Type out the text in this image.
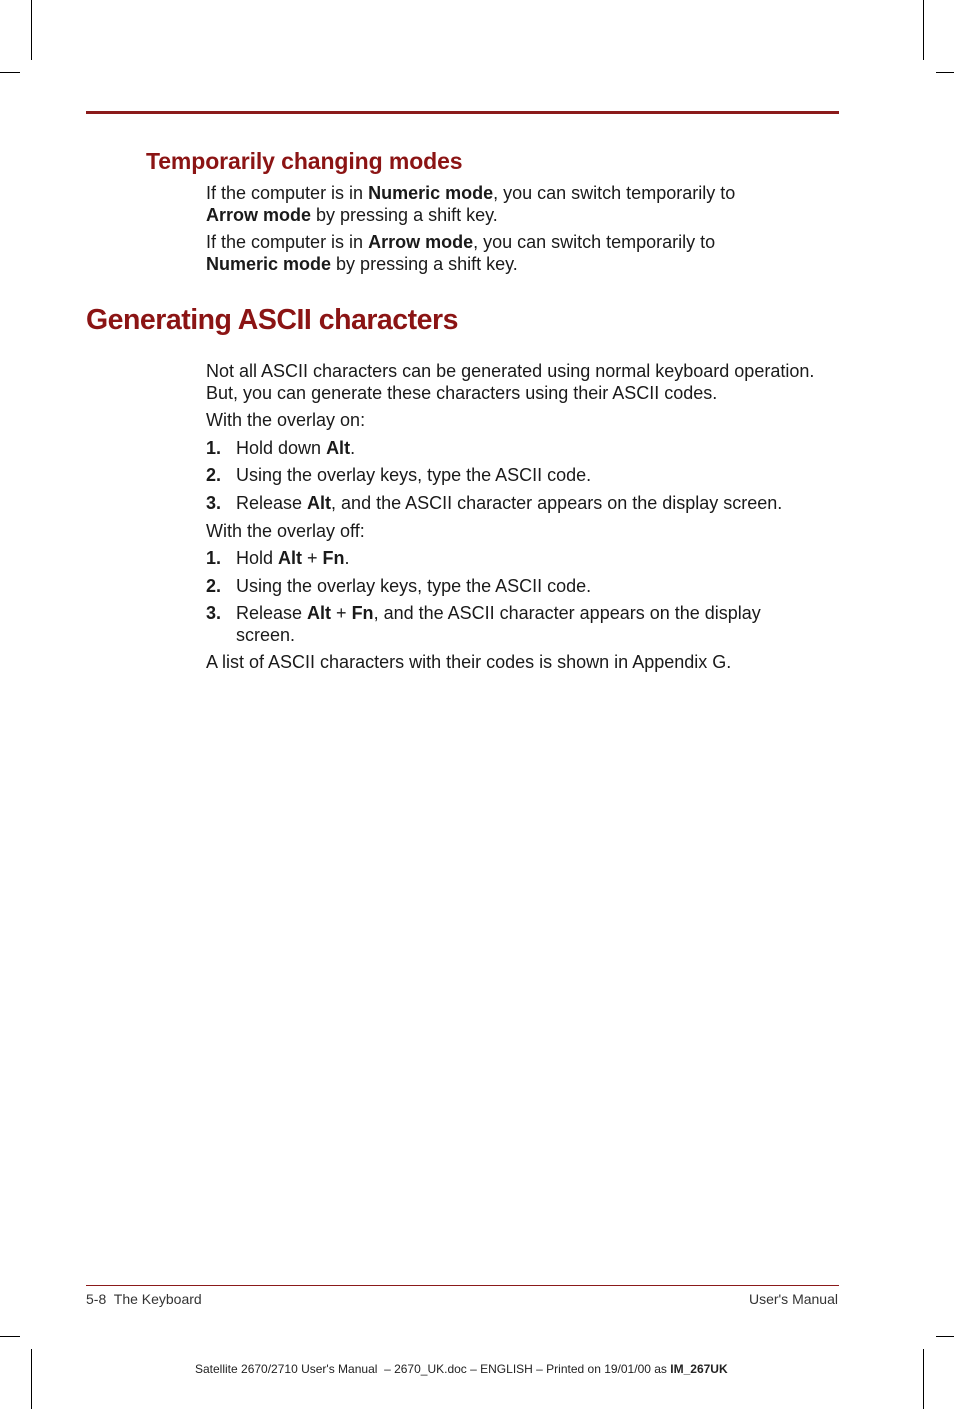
Temporarily changing modes

If the computer is in Numeric mode, you can switch temporarily to
Arrow mode by pressing a shift key.

If the computer is in Arrow mode, you can switch temporarily to
Numeric mode by pressing a shift key.

Generating ASCII characters

Not all ASCII characters can be generated using normal keyboard operation.
But, you can generate these characters using their ASCII codes.

With the overlay on:
1. Hold down Alt.
2. Using the overlay keys, type the ASCII code.
3. Release Alt, and the ASCII character appears on the display screen.
With the overlay off:
1. Hold Alt + Fn.
2. Using the overlay keys, type the ASCII code.
3. Release Alt + Fn, and the ASCII character appears on the display
screen.
A list of ASCII characters with their codes is shown in Appendix G.
5-8  The Keyboard	User's Manual
Satellite 2670/2710 User's Manual  – 2670_UK.doc – ENGLISH – Printed on 19/01/00 as IM_267UK
